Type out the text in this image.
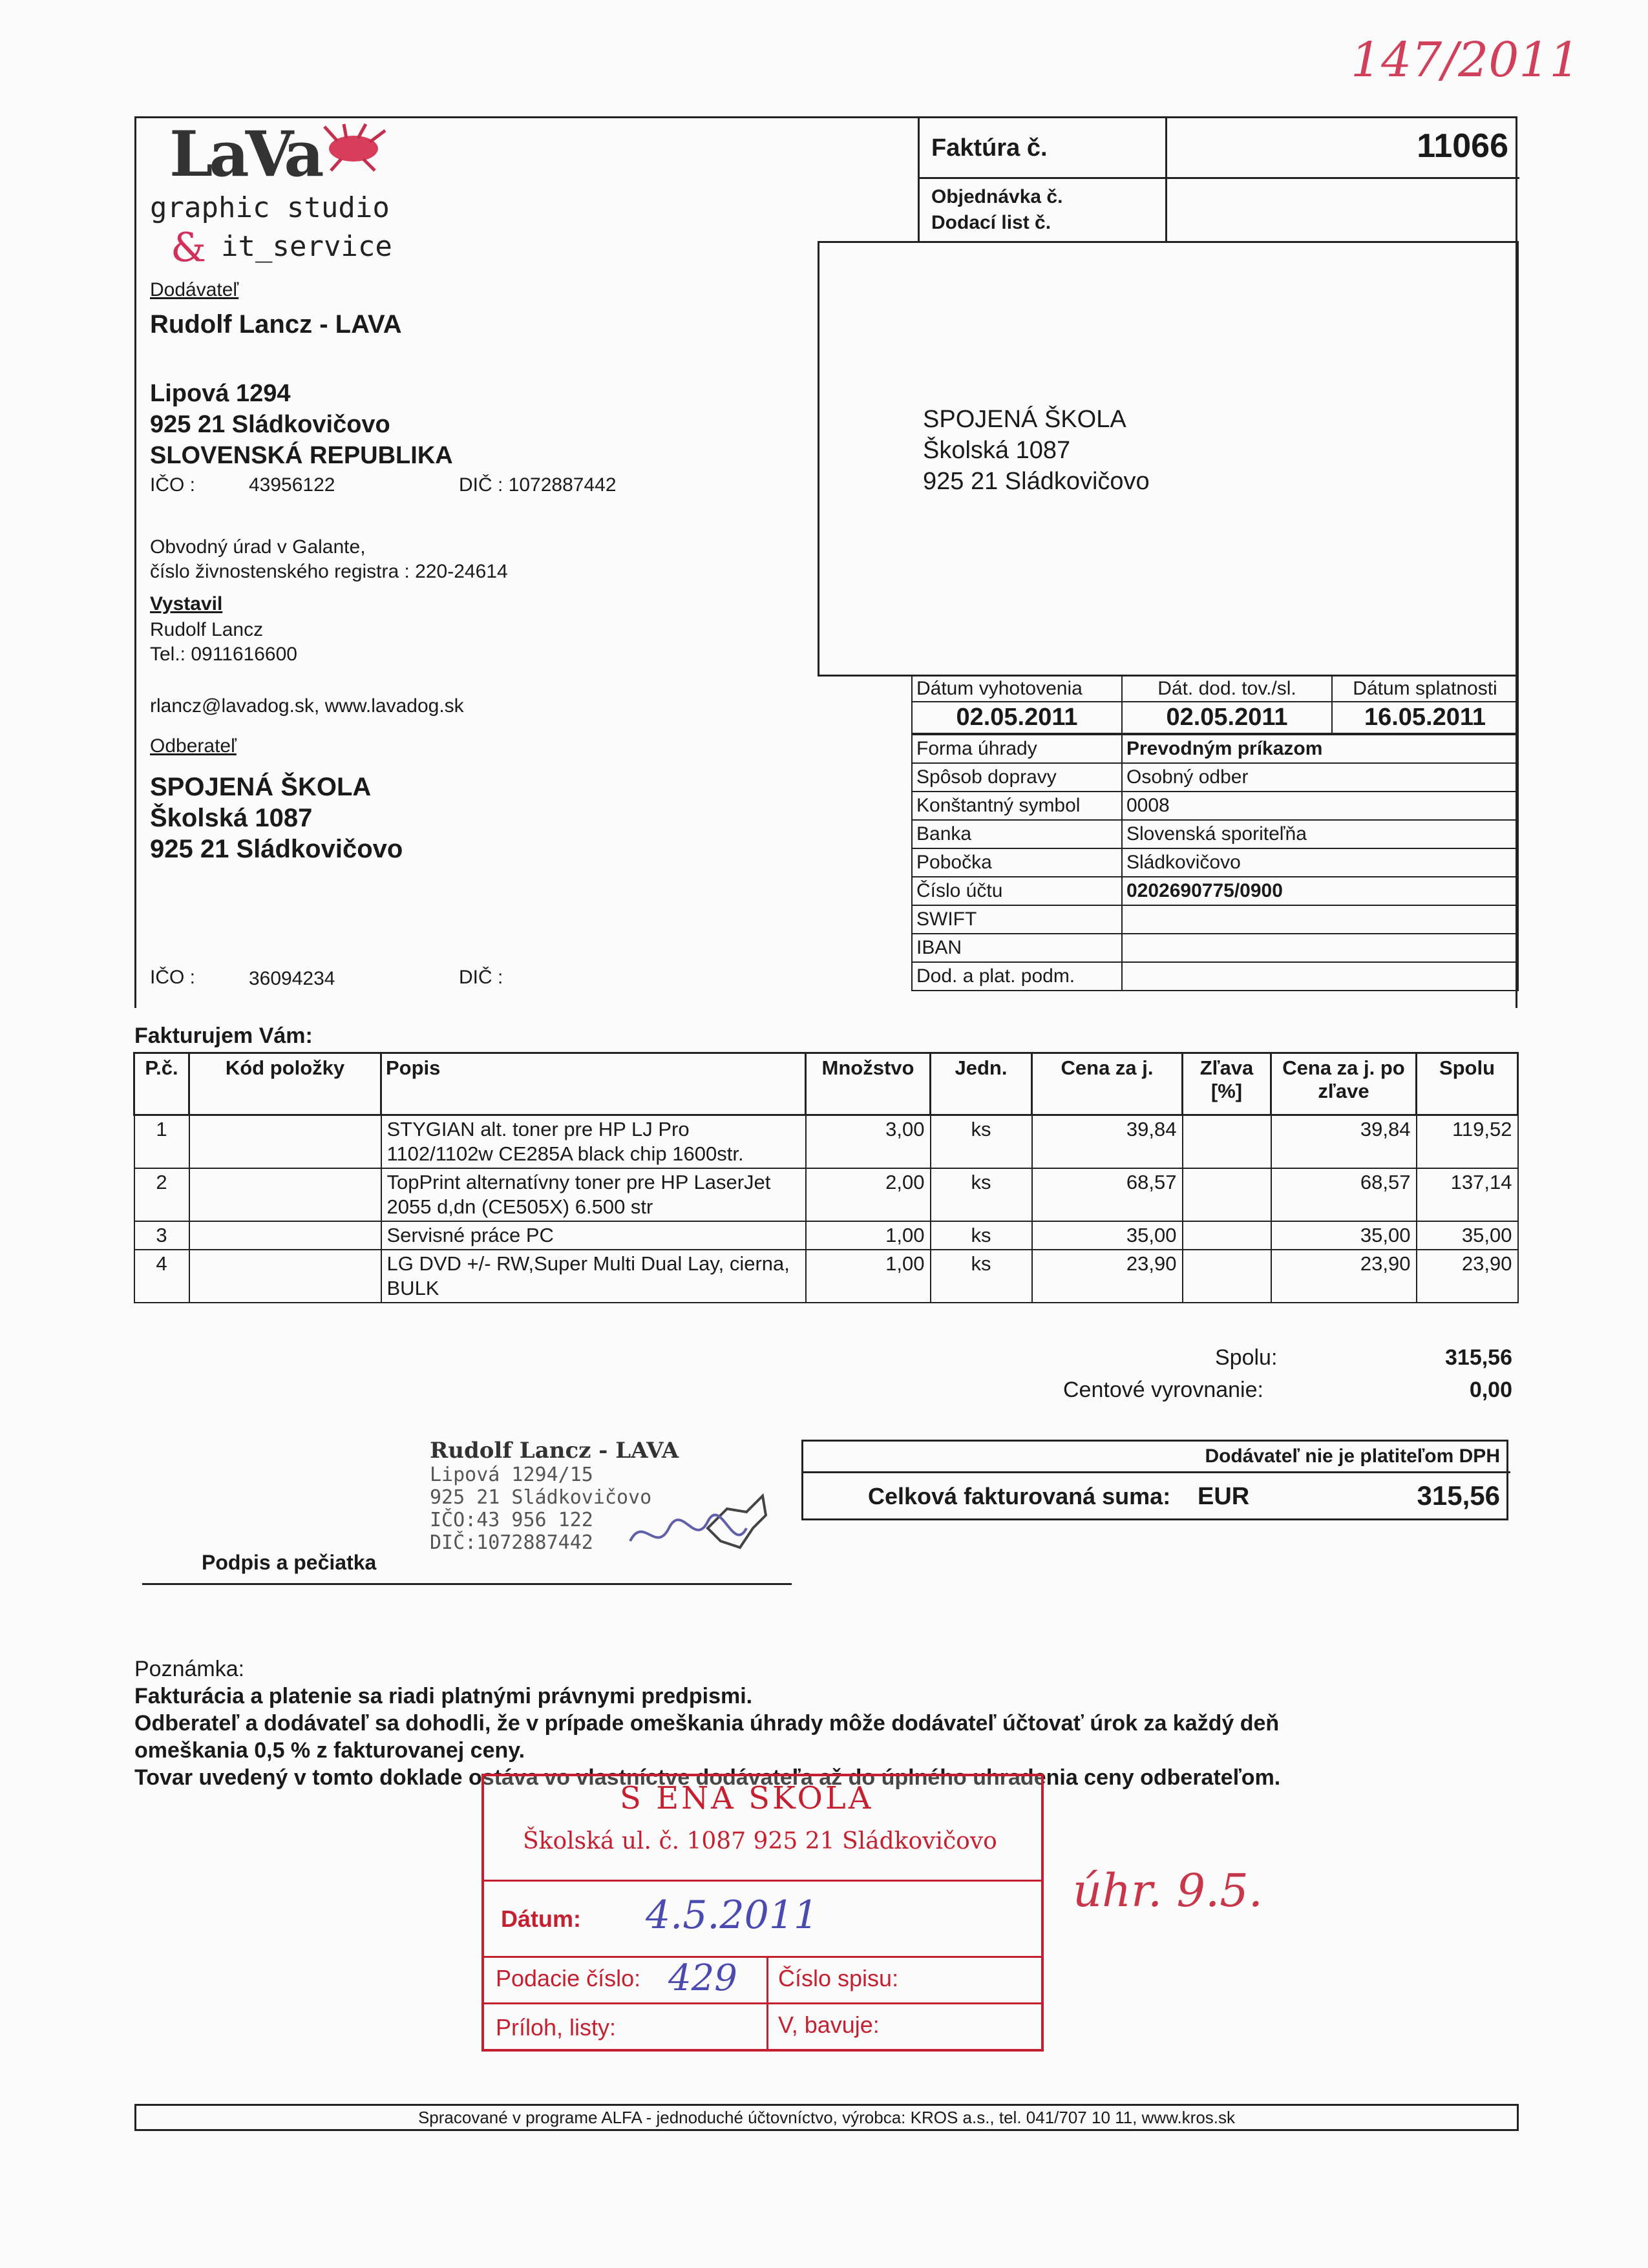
147/2011
LaVa
graphic studio
& it_service
Dodávateľ
Rudolf Lancz - LAVA
Lipová 1294
925 21 Sládkovičovo
SLOVENSKÁ REPUBLIKA
IČO :	43956122	DIČ : 1072887442
Obvodný úrad v Galante,
číslo živnostenského registra : 220-24614
Vystavil
Rudolf Lancz
Tel.: 0911616600
rlancz@lavadog.sk, www.lavadog.sk
Odberateľ
SPOJENÁ ŠKOLA
Školská 1087
925 21 Sládkovičovo
IČO :	36094234	DIČ :
Faktúra č.	11066
Objednávka č.
Dodací list č.
SPOJENÁ ŠKOLA
Školská 1087
925 21 Sládkovičovo
Dátum vyhotovenia	Dát. dod. tov./sl.	Dátum splatnosti
02.05.2011	02.05.2011	16.05.2011
Forma úhrady	Prevodným príkazom
Spôsob dopravy	Osobný odber
Konštantný symbol	0008
Banka	Slovenská sporiteľňa
Pobočka	Sládkovičovo
Číslo účtu	0202690775/0900
SWIFT	
IBAN	
Dod. a plat. podm.	
Fakturujem Vám:
P.č.	Kód položky	Popis	Množstvo	Jedn.	Cena za j.	Zľava [%]	Cena za j. po zľave	Spolu
1		STYGIAN alt. toner pre HP LJ Pro 1102/1102w CE285A black chip 1600str.	3,00	ks	39,84		39,84	119,52
2		TopPrint alternatívny toner pre HP LaserJet 2055 d,dn (CE505X) 6.500 str	2,00	ks	68,57		68,57	137,14
3		Servisné práce PC	1,00	ks	35,00		35,00	35,00
4		LG DVD +/- RW,Super Multi Dual Lay, cierna, BULK	1,00	ks	23,90		23,90	23,90
Spolu:	315,56
Centové vyrovnanie:	0,00
Dodávateľ nie je platiteľom DPH
Celková fakturovaná suma: EUR	315,56
Rudolf Lancz - LAVA
Lipová 1294/15
925 21 Sládkovičovo
IČO:43 956 122
DIČ:1072887442
Podpis a pečiatka
Poznámka:
Fakturácia a platenie sa riadi platnými právnymi predpismi.
Odberateľ a dodávateľ sa dohodli, že v prípade omeškania úhrady môže dodávateľ účtovať úrok za každý deň
omeškania 0,5 % z fakturovanej ceny.
Tovar uvedený v tomto doklade ostáva vo vlastníctve dodávateľa až do úplného uhradenia ceny odberateľom.
S ENA SKOLA
Školská ul. č. 1087 925 21 Sládkovičovo
Dátum: 4.5.2011
Podacie číslo: 429 Číslo spisu:
Príloh, listy:	V, bavuje:
úhr. 9.5.
Spracované v programe ALFA - jednoduché účtovníctvo, výrobca: KROS a.s., tel. 041/707 10 11, www.kros.sk
